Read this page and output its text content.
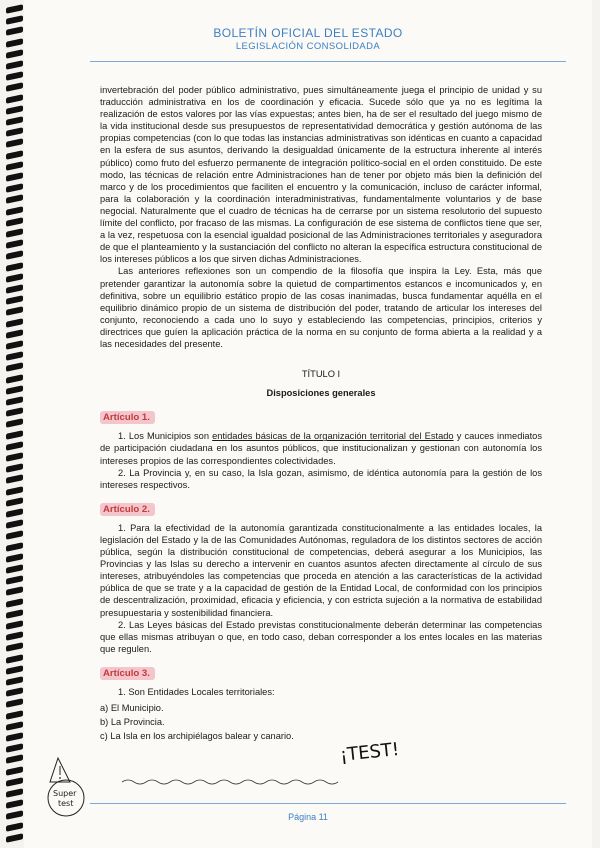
BOLETÍN OFICIAL DEL ESTADO
LEGISLACIÓN CONSOLIDADA

invertebración del poder público administrativo, pues simultáneamente juega el principio de unidad y su traducción administrativa en los de coordinación y eficacia. Sucede sólo que ya no es legítima la realización de estos valores por las vías expuestas; antes bien, ha de ser el resultado del juego mismo de la vida institucional desde sus presupuestos de representatividad democrática y gestión autónoma de las propias competencias (con lo que todas las instancias administrativas son idénticas en cuanto a capacidad en la esfera de sus asuntos, derivando la desigualdad únicamente de la estructura inherente al interés público) como fruto del esfuerzo permanente de integración político-social en el orden constituido. De este modo, las técnicas de relación entre Administraciones han de tener por objeto más bien la definición del marco y de los procedimientos que faciliten el encuentro y la comunicación, incluso de carácter informal, para la colaboración y la coordinación interadministrativas, fundamentalmente voluntarios y de base negocial. Naturalmente que el cuadro de técnicas ha de cerrarse por un sistema resolutorio del supuesto límite del conflicto, por fracaso de las mismas. La configuración de ese sistema de conflictos tiene que ser, a la vez, respetuosa con la esencial igualdad posicional de las Administraciones territoriales y aseguradora de que el planteamiento y la sustanciación del conflicto no alteran la específica estructura constitucional de los intereses públicos a los que sirven dichas Administraciones.

Las anteriores reflexiones son un compendio de la filosofía que inspira la Ley. Esta, más que pretender garantizar la autonomía sobre la quietud de compartimentos estancos e incomunicados y, en definitiva, sobre un equilibrio estático propio de las cosas inanimadas, busca fundamentar aquélla en el equilibrio dinámico propio de un sistema de distribución del poder, tratando de articular los intereses del conjunto, reconociendo a cada uno lo suyo y estableciendo las competencias, principios, criterios y directrices que guíen la aplicación práctica de la norma en su conjunto de forma abierta a la realidad y a las necesidades del presente.

TÍTULO I
Disposiciones generales
Artículo 1.

1. Los Municipios son entidades básicas de la organización territorial del Estado y cauces inmediatos de participación ciudadana en los asuntos públicos, que institucionalizan y gestionan con autonomía los intereses propios de las correspondientes colectividades.

2. La Provincia y, en su caso, la Isla gozan, asimismo, de idéntica autonomía para la gestión de los intereses respectivos.

Artículo 2.

1. Para la efectividad de la autonomía garantizada constitucionalmente a las entidades locales, la legislación del Estado y la de las Comunidades Autónomas, reguladora de los distintos sectores de acción pública, según la distribución constitucional de competencias, deberá asegurar a los Municipios, las Provincias y las Islas su derecho a intervenir en cuantos asuntos afecten directamente al círculo de sus intereses, atribuyéndoles las competencias que proceda en atención a las características de la actividad pública de que se trate y a la capacidad de gestión de la Entidad Local, de conformidad con los principios de descentralización, proximidad, eficacia y eficiencia, y con estricta sujeción a la normativa de estabilidad presupuestaria y sostenibilidad financiera.

2. Las Leyes básicas del Estado previstas constitucionalmente deberán determinar las competencias que ellas mismas atribuyan o que, en todo caso, deban corresponder a los entes locales en las materias que regulen.

Artículo 3.

1. Son Entidades Locales territoriales:

a) El Municipio.
b) La Provincia.
c) La Isla en los archipiélagos balear y canario.
¡TEST!
Super
test
Página 11
